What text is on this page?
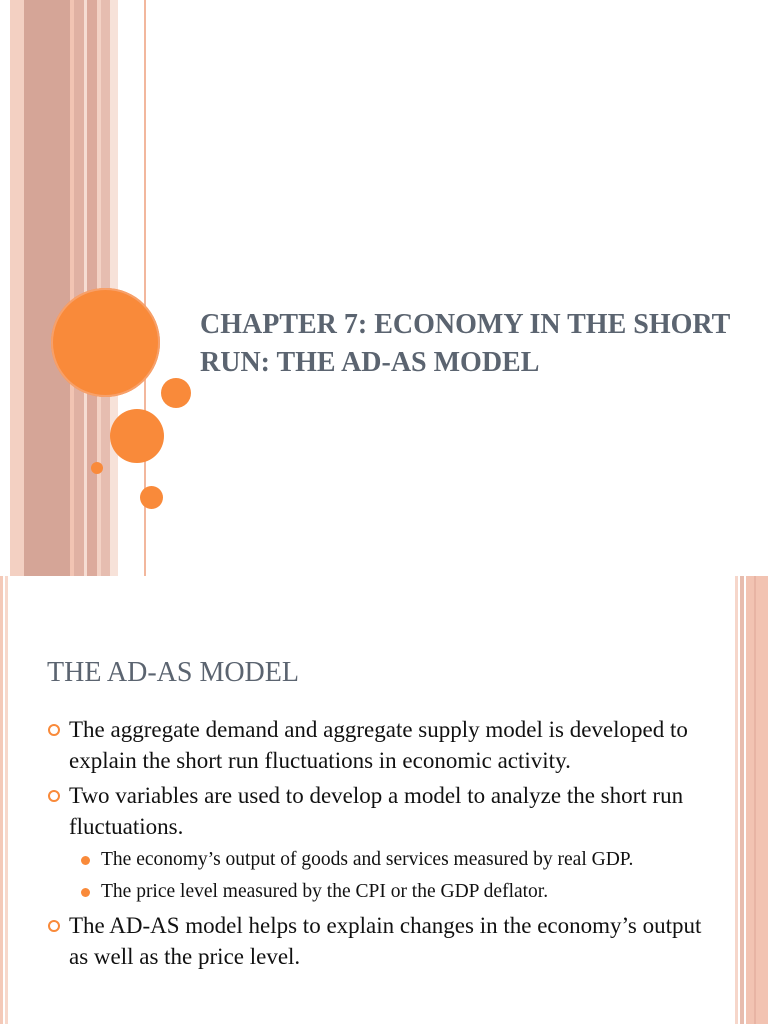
CHAPTER 7: ECONOMY IN THE SHORT RUN: THE AD-AS MODEL
THE AD-AS MODEL
The aggregate demand and aggregate supply model is developed to explain the short run fluctuations in economic activity.
Two variables are used to develop a model to analyze the short run fluctuations.
The economy’s output of goods and services measured by real GDP.
The price level measured by the CPI or the GDP deflator.
The AD-AS model helps to explain changes in the economy’s output as well as the price level.
